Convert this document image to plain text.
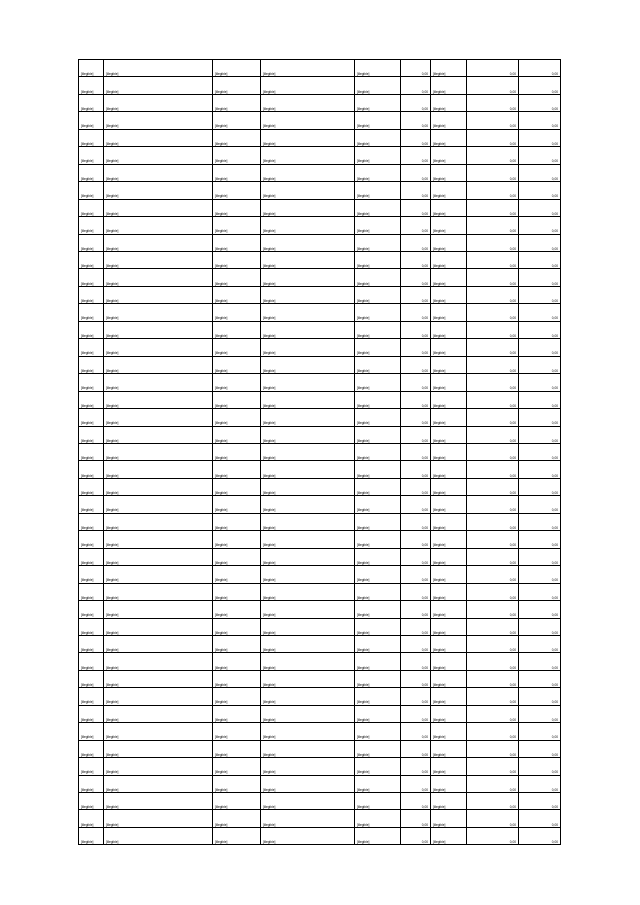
[illegible]	[illegible]	[illegible]	[illegible]	[illegible]	0,00	[illegible]	0,00	0,00
[illegible]	[illegible]	[illegible]	[illegible]	[illegible]	0,00	[illegible]	0,00	0,00
[illegible]	[illegible]	[illegible]	[illegible]	[illegible]	0,00	[illegible]	0,00	0,00
[illegible]	[illegible]	[illegible]	[illegible]	[illegible]	0,00	[illegible]	0,00	0,00
[illegible]	[illegible]	[illegible]	[illegible]	[illegible]	0,00	[illegible]	0,00	0,00
[illegible]	[illegible]	[illegible]	[illegible]	[illegible]	0,00	[illegible]	0,00	0,00
[illegible]	[illegible]	[illegible]	[illegible]	[illegible]	0,00	[illegible]	0,00	0,00
[illegible]	[illegible]	[illegible]	[illegible]	[illegible]	0,00	[illegible]	0,00	0,00
[illegible]	[illegible]	[illegible]	[illegible]	[illegible]	0,00	[illegible]	0,00	0,00
[illegible]	[illegible]	[illegible]	[illegible]	[illegible]	0,00	[illegible]	0,00	0,00
[illegible]	[illegible]	[illegible]	[illegible]	[illegible]	0,00	[illegible]	0,00	0,00
[illegible]	[illegible]	[illegible]	[illegible]	[illegible]	0,00	[illegible]	0,00	0,00
[illegible]	[illegible]	[illegible]	[illegible]	[illegible]	0,00	[illegible]	0,00	0,00
[illegible]	[illegible]	[illegible]	[illegible]	[illegible]	0,00	[illegible]	0,00	0,00
[illegible]	[illegible]	[illegible]	[illegible]	[illegible]	0,00	[illegible]	0,00	0,00
[illegible]	[illegible]	[illegible]	[illegible]	[illegible]	0,00	[illegible]	0,00	0,00
[illegible]	[illegible]	[illegible]	[illegible]	[illegible]	0,00	[illegible]	0,00	0,00
[illegible]	[illegible]	[illegible]	[illegible]	[illegible]	0,00	[illegible]	0,00	0,00
[illegible]	[illegible]	[illegible]	[illegible]	[illegible]	0,00	[illegible]	0,00	0,00
[illegible]	[illegible]	[illegible]	[illegible]	[illegible]	0,00	[illegible]	0,00	0,00
[illegible]	[illegible]	[illegible]	[illegible]	[illegible]	0,00	[illegible]	0,00	0,00
[illegible]	[illegible]	[illegible]	[illegible]	[illegible]	0,00	[illegible]	0,00	0,00
[illegible]	[illegible]	[illegible]	[illegible]	[illegible]	0,00	[illegible]	0,00	0,00
[illegible]	[illegible]	[illegible]	[illegible]	[illegible]	0,00	[illegible]	0,00	0,00
[illegible]	[illegible]	[illegible]	[illegible]	[illegible]	0,00	[illegible]	0,00	0,00
[illegible]	[illegible]	[illegible]	[illegible]	[illegible]	0,00	[illegible]	0,00	0,00
[illegible]	[illegible]	[illegible]	[illegible]	[illegible]	0,00	[illegible]	0,00	0,00
[illegible]	[illegible]	[illegible]	[illegible]	[illegible]	0,00	[illegible]	0,00	0,00
[illegible]	[illegible]	[illegible]	[illegible]	[illegible]	0,00	[illegible]	0,00	0,00
[illegible]	[illegible]	[illegible]	[illegible]	[illegible]	0,00	[illegible]	0,00	0,00
[illegible]	[illegible]	[illegible]	[illegible]	[illegible]	0,00	[illegible]	0,00	0,00
[illegible]	[illegible]	[illegible]	[illegible]	[illegible]	0,00	[illegible]	0,00	0,00
[illegible]	[illegible]	[illegible]	[illegible]	[illegible]	0,00	[illegible]	0,00	0,00
[illegible]	[illegible]	[illegible]	[illegible]	[illegible]	0,00	[illegible]	0,00	0,00
[illegible]	[illegible]	[illegible]	[illegible]	[illegible]	0,00	[illegible]	0,00	0,00
[illegible]	[illegible]	[illegible]	[illegible]	[illegible]	0,00	[illegible]	0,00	0,00
[illegible]	[illegible]	[illegible]	[illegible]	[illegible]	0,00	[illegible]	0,00	0,00
[illegible]	[illegible]	[illegible]	[illegible]	[illegible]	0,00	[illegible]	0,00	0,00
[illegible]	[illegible]	[illegible]	[illegible]	[illegible]	0,00	[illegible]	0,00	0,00
[illegible]	[illegible]	[illegible]	[illegible]	[illegible]	0,00	[illegible]	0,00	0,00
[illegible]	[illegible]	[illegible]	[illegible]	[illegible]	0,00	[illegible]	0,00	0,00
[illegible]	[illegible]	[illegible]	[illegible]	[illegible]	0,00	[illegible]	0,00	0,00
[illegible]	[illegible]	[illegible]	[illegible]	[illegible]	0,00	[illegible]	0,00	0,00
[illegible]	[illegible]	[illegible]	[illegible]	[illegible]	0,00	[illegible]	0,00	0,00
[illegible]	[illegible]	[illegible]	[illegible]	[illegible]	0,00	[illegible]	0,00	0,00
